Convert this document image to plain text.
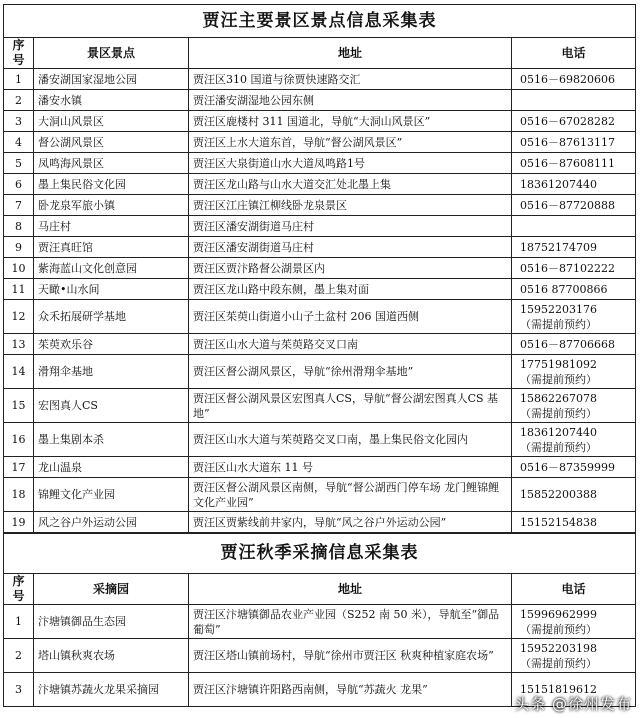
贾汪主要景区景点信息采集表			
序号	景区景点	地址	电话
1	潘安湖国家湿地公园	贾汪区310 国道与徐贾快速路交汇	0516－69820606
2	潘安水镇	贾汪潘安湖湿地公园东侧	
3	大洞山风景区	贾汪区鹿楼村 311 国道北，导航“大洞山风景区”	0516－67028282
4	督公湖风景区	贾汪区上水大道东首，导航“督公湖风景区”	0516－87613117
5	凤鸣海风景区	贾汪区大泉街道山水大道凤鸣路1号	0516－87608111
6	墨上集民俗文化园	贾汪区龙山路与山水大道交汇处北墨上集	18361207440
7	卧龙泉军旅小镇	贾汪区江庄镇江柳线卧龙泉景区	0516－87720888
8	马庄村	贾汪区潘安湖街道马庄村	
9	贾汪真旺馆	贾汪区潘安湖街道马庄村	18752174709
10	紫海蓝山文化创意园	贾汪区贾汴路督公湖景区内	0516－87102222
11	天瞰•山水间	贾汪区龙山路中段东侧，墨上集对面	0516 87700866
12	众禾拓展研学基地	贾汪区茱萸山街道小山子土盆村 206 国道西侧	15952203176
（需提前预约）
13	茱萸欢乐谷	贾汪区山水大道与茱萸路交叉口南	0516－87706668
14	滑翔伞基地	贾汪区督公湖风景区，导航“徐州滑翔伞基地”	17751981092
（需提前预约）
15	宏图真人CS	贾汪区督公湖风景区宏图真人CS，导航“督公湖宏图真人CS 基地”	15862267078
（需提前预约）
16	墨上集剧本杀	贾汪区山水大道与茱萸路交叉口南，墨上集民俗文化园内	18361207440
（需提前预约）
17	龙山温泉	贾汪区山水大道东 11 号	0516－87359999
18	锦鲤文化产业园	贾汪区督公湖风景区南侧，导航“督公湖西门停车场 龙门鲤锦鲤文化产业园”	15852200388
19	风之谷户外运动公园	贾汪区贾紫线前井家内，导航“风之谷户外运动公园”	15152154838
贾汪秋季采摘信息采集表			
序号	采摘园	地址	电话
1	汴塘镇御品生态园	贾汪区汴塘镇御品农业产业园（S252 南 50 米），导航至“御品葡萄”	15996962999
（需提前预约）
2	塔山镇秋爽农场	贾汪区塔山镇前场村，导航“徐州市贾汪区 秋爽种植家庭农场”	15952203198
（需提前预约）
3	汴塘镇苏蔬火龙果采摘园	贾汪区汴塘镇许阳路西南侧，导航“苏蔬火 龙果”	15151819612

头条 @徐州发布
